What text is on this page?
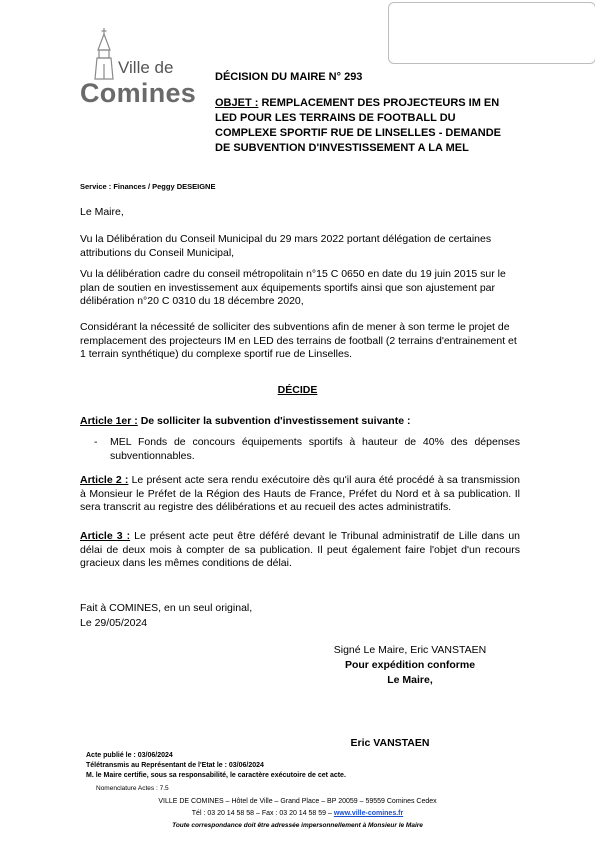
Ville de
Comines
DÉCISION DU MAIRE N° 293
OBJET : REMPLACEMENT DES PROJECTEURS IM EN LED POUR LES TERRAINS DE FOOTBALL DU COMPLEXE SPORTIF RUE DE LINSELLES - DEMANDE DE SUBVENTION D'INVESTISSEMENT A LA MEL
Service : Finances / Peggy DESEIGNE
Le Maire,
Vu la Délibération du Conseil Municipal du 29 mars 2022 portant délégation de certaines attributions du Conseil Municipal,
Vu la délibération cadre du conseil métropolitain n°15 C 0650 en date du 19 juin 2015 sur le plan de soutien en investissement aux équipements sportifs ainsi que son ajustement par délibération n°20 C 0310 du 18 décembre 2020,
Considérant la nécessité de solliciter des subventions afin de mener à son terme le projet de remplacement des projecteurs IM en LED des terrains de football (2 terrains d'entrainement et 1 terrain synthétique) du complexe sportif rue de Linselles.
DÉCIDE
Article 1er : De solliciter la subvention d'investissement suivante :
-	MEL Fonds de concours équipements sportifs à hauteur de 40% des dépenses subventionnables.
Article 2 : Le présent acte sera rendu exécutoire dès qu'il aura été procédé à sa transmission à Monsieur le Préfet de la Région des Hauts de France, Préfet du Nord et à sa publication. Il sera transcrit au registre des délibérations et au recueil des actes administratifs.
Article 3 : Le présent acte peut être déféré devant le Tribunal administratif de Lille dans un délai de deux mois à compter de sa publication. Il peut également faire l'objet d'un recours gracieux dans les mêmes conditions de délai.
Fait à COMINES, en un seul original,
Le 29/05/2024
Signé Le Maire, Eric VANSTAEN
Pour expédition conforme
Le Maire,
Eric VANSTAEN
Acte publié le : 03/06/2024
Télétransmis au Représentant de l'Etat le : 03/06/2024
M. le Maire certifie, sous sa responsabilité, le caractère exécutoire de cet acte.
Nomenclature Actes : 7.5
VILLE DE COMINES – Hôtel de Ville – Grand Place – BP 20059 – 59559 Comines Cedex
Tél : 03 20 14 58 58 – Fax : 03 20 14 58 59 – www.ville-comines.fr
Toute correspondance doit être adressée impersonnellement à Monsieur le Maire
